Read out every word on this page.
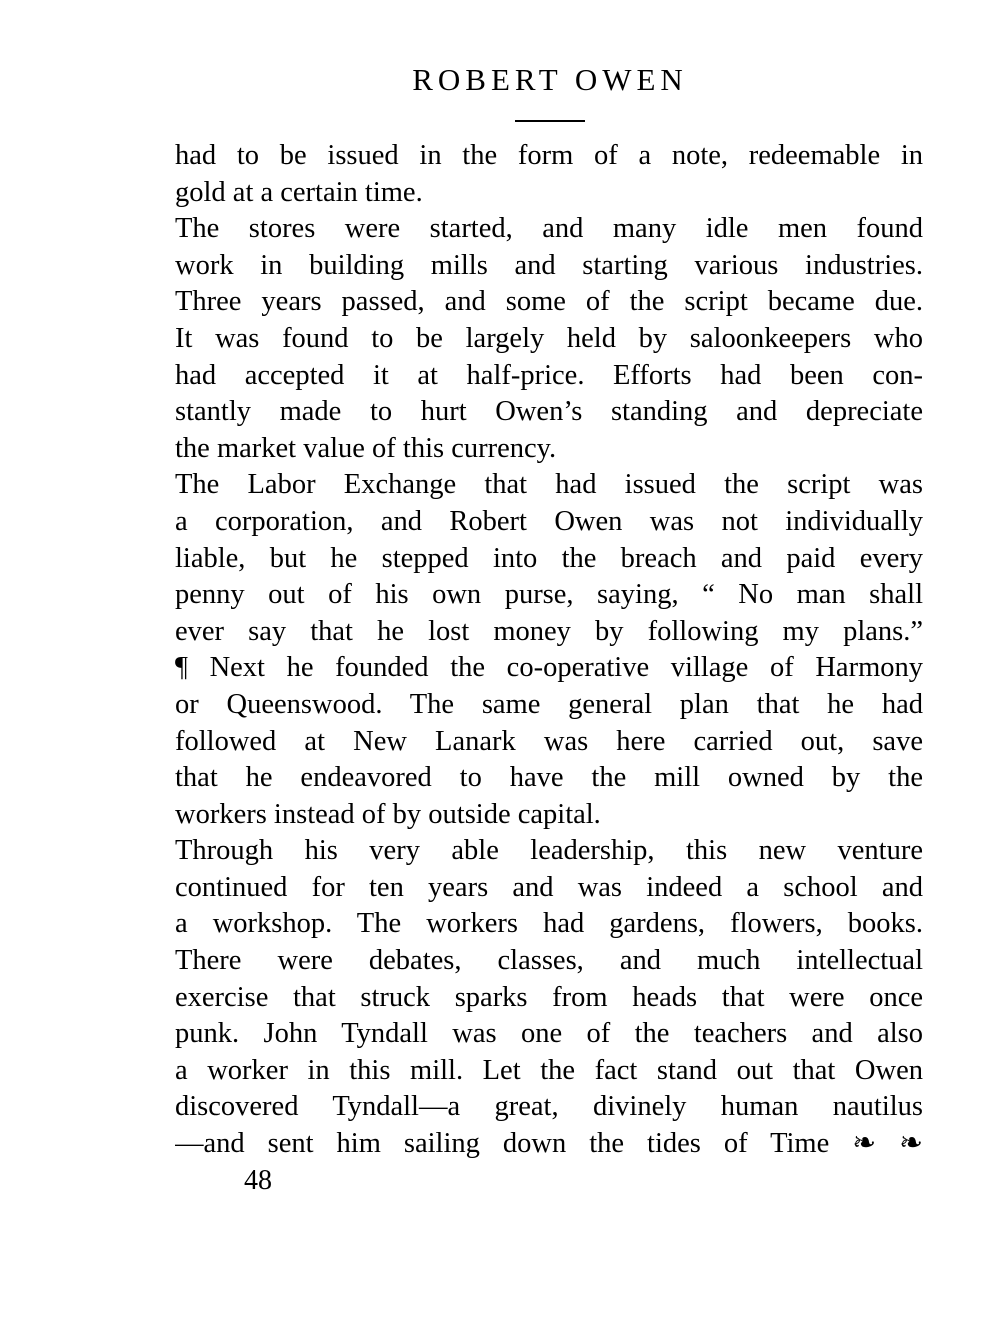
ROBERT OWEN
had to be issued in the form of a note, redeemable in
gold at a certain time.
The stores were started, and many idle men found
work in building mills and starting various industries.
Three years passed, and some of the script became due.
It was found to be largely held by saloonkeepers who
had accepted it at half-price. Efforts had been con-
stantly made to hurt Owen’s standing and depreciate
the market value of this currency.
The Labor Exchange that had issued the script was
a corporation, and Robert Owen was not individually
liable, but he stepped into the breach and paid every
penny out of his own purse, saying, “ No man shall
ever say that he lost money by following my plans.”
¶ Next he founded the co-operative village of Harmony
or Queenswood. The same general plan that he had
followed at New Lanark was here carried out, save
that he endeavored to have the mill owned by the
workers instead of by outside capital.
Through his very able leadership, this new venture
continued for ten years and was indeed a school and
a workshop. The workers had gardens, flowers, books.
There were debates, classes, and much intellectual
exercise that struck sparks from heads that were once
punk. John Tyndall was one of the teachers and also
a worker in this mill. Let the fact stand out that Owen
discovered Tyndall—a great, divinely human nautilus
—and sent him sailing down the tides of Time ❧ ❧
48
